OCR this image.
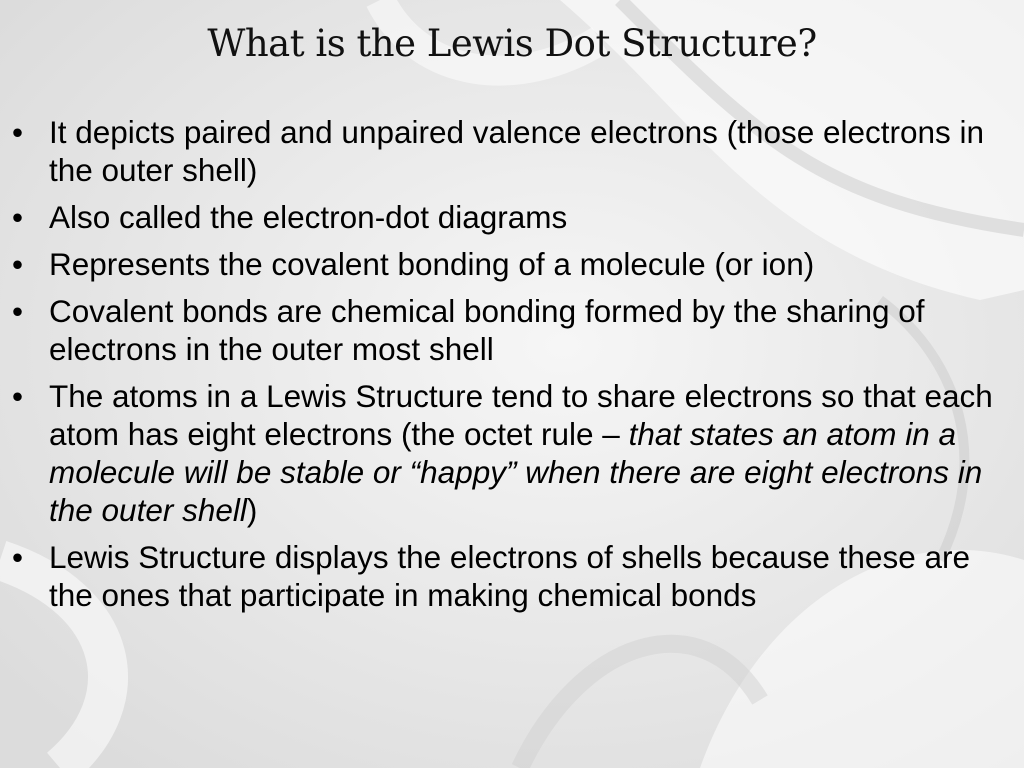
What is the Lewis Dot Structure?
• It depicts paired and unpaired valence electrons (those electrons in the outer shell)
• Also called the electron-dot diagrams
• Represents the covalent bonding of a molecule (or ion)
• Covalent bonds are chemical bonding formed by the sharing of electrons in the outer most shell
• The atoms in a Lewis Structure tend to share electrons so that each atom has eight electrons (the octet rule – that states an atom in a molecule will be stable or “happy” when there are eight electrons in the outer shell)
• Lewis Structure displays the electrons of shells because these are the ones that participate in making chemical bonds
